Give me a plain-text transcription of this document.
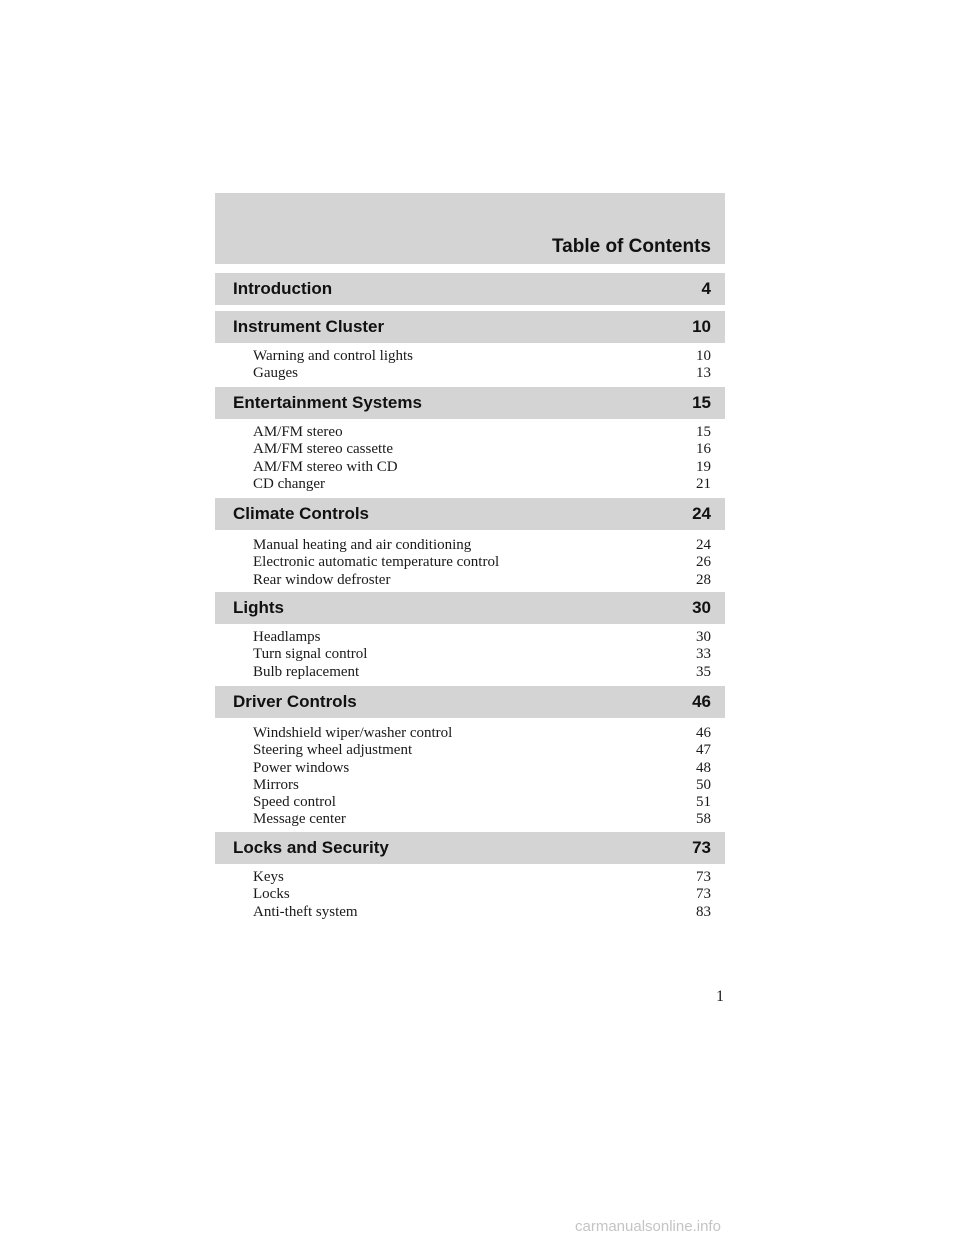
Table of Contents
Introduction	4
Instrument Cluster	10
Warning and control lights	10
Gauges	13
Entertainment Systems	15
AM/FM stereo	15
AM/FM stereo cassette	16
AM/FM stereo with CD	19
CD changer	21
Climate Controls	24
Manual heating and air conditioning	24
Electronic automatic temperature control	26
Rear window defroster	28
Lights	30
Headlamps	30
Turn signal control	33
Bulb replacement	35
Driver Controls	46
Windshield wiper/washer control	46
Steering wheel adjustment	47
Power windows	48
Mirrors	50
Speed control	51
Message center	58
Locks and Security	73
Keys	73
Locks	73
Anti-theft system	83
1
carmanualsonline.info
